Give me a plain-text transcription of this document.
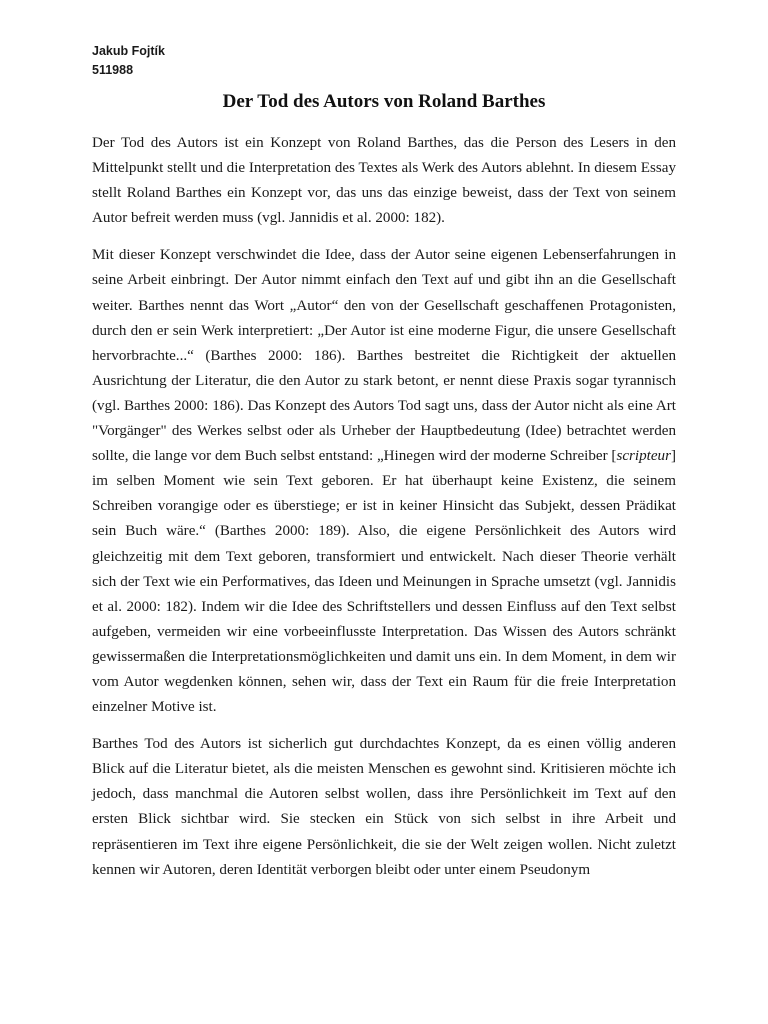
Jakub Fojtík
511988
Der Tod des Autors von Roland Barthes

Der Tod des Autors ist ein Konzept von Roland Barthes, das die Person des Lesers in den Mittelpunkt stellt und die Interpretation des Textes als Werk des Autors ablehnt. In diesem Essay stellt Roland Barthes ein Konzept vor, das uns das einzige beweist, dass der Text von seinem Autor befreit werden muss (vgl. Jannidis et al. 2000: 182).

Mit dieser Konzept verschwindet die Idee, dass der Autor seine eigenen Lebenserfahrungen in seine Arbeit einbringt. Der Autor nimmt einfach den Text auf und gibt ihn an die Gesellschaft weiter. Barthes nennt das Wort „Autor“ den von der Gesellschaft geschaffenen Protagonisten, durch den er sein Werk interpretiert: „Der Autor ist eine moderne Figur, die unsere Gesellschaft hervorbrachte...“ (Barthes 2000: 186). Barthes bestreitet die Richtigkeit der aktuellen Ausrichtung der Literatur, die den Autor zu stark betont, er nennt diese Praxis sogar tyrannisch (vgl. Barthes 2000: 186). Das Konzept des Autors Tod sagt uns, dass der Autor nicht als eine Art "Vorgänger" des Werkes selbst oder als Urheber der Hauptbedeutung (Idee) betrachtet werden sollte, die lange vor dem Buch selbst entstand: „Hinegen wird der moderne Schreiber [scripteur] im selben Moment wie sein Text geboren. Er hat überhaupt keine Existenz, die seinem Schreiben vorangige oder es überstiege; er ist in keiner Hinsicht das Subjekt, dessen Prädikat sein Buch wäre.“ (Barthes 2000: 189). Also, die eigene Persönlichkeit des Autors wird gleichzeitig mit dem Text geboren, transformiert und entwickelt. Nach dieser Theorie verhält sich der Text wie ein Performatives, das Ideen und Meinungen in Sprache umsetzt (vgl. Jannidis et al. 2000: 182). Indem wir die Idee des Schriftstellers und dessen Einfluss auf den Text selbst aufgeben, vermeiden wir eine vorbeeinflusste Interpretation. Das Wissen des Autors schränkt gewissermaßen die Interpretationsmöglichkeiten und damit uns ein. In dem Moment, in dem wir vom Autor wegdenken können, sehen wir, dass der Text ein Raum für die freie Interpretation einzelner Motive ist.

Barthes Tod des Autors ist sicherlich gut durchdachtes Konzept, da es einen völlig anderen Blick auf die Literatur bietet, als die meisten Menschen es gewohnt sind. Kritisieren möchte ich jedoch, dass manchmal die Autoren selbst wollen, dass ihre Persönlichkeit im Text auf den ersten Blick sichtbar wird. Sie stecken ein Stück von sich selbst in ihre Arbeit und repräsentieren im Text ihre eigene Persönlichkeit, die sie der Welt zeigen wollen. Nicht zuletzt kennen wir Autoren, deren Identität verborgen bleibt oder unter einem Pseudonym
